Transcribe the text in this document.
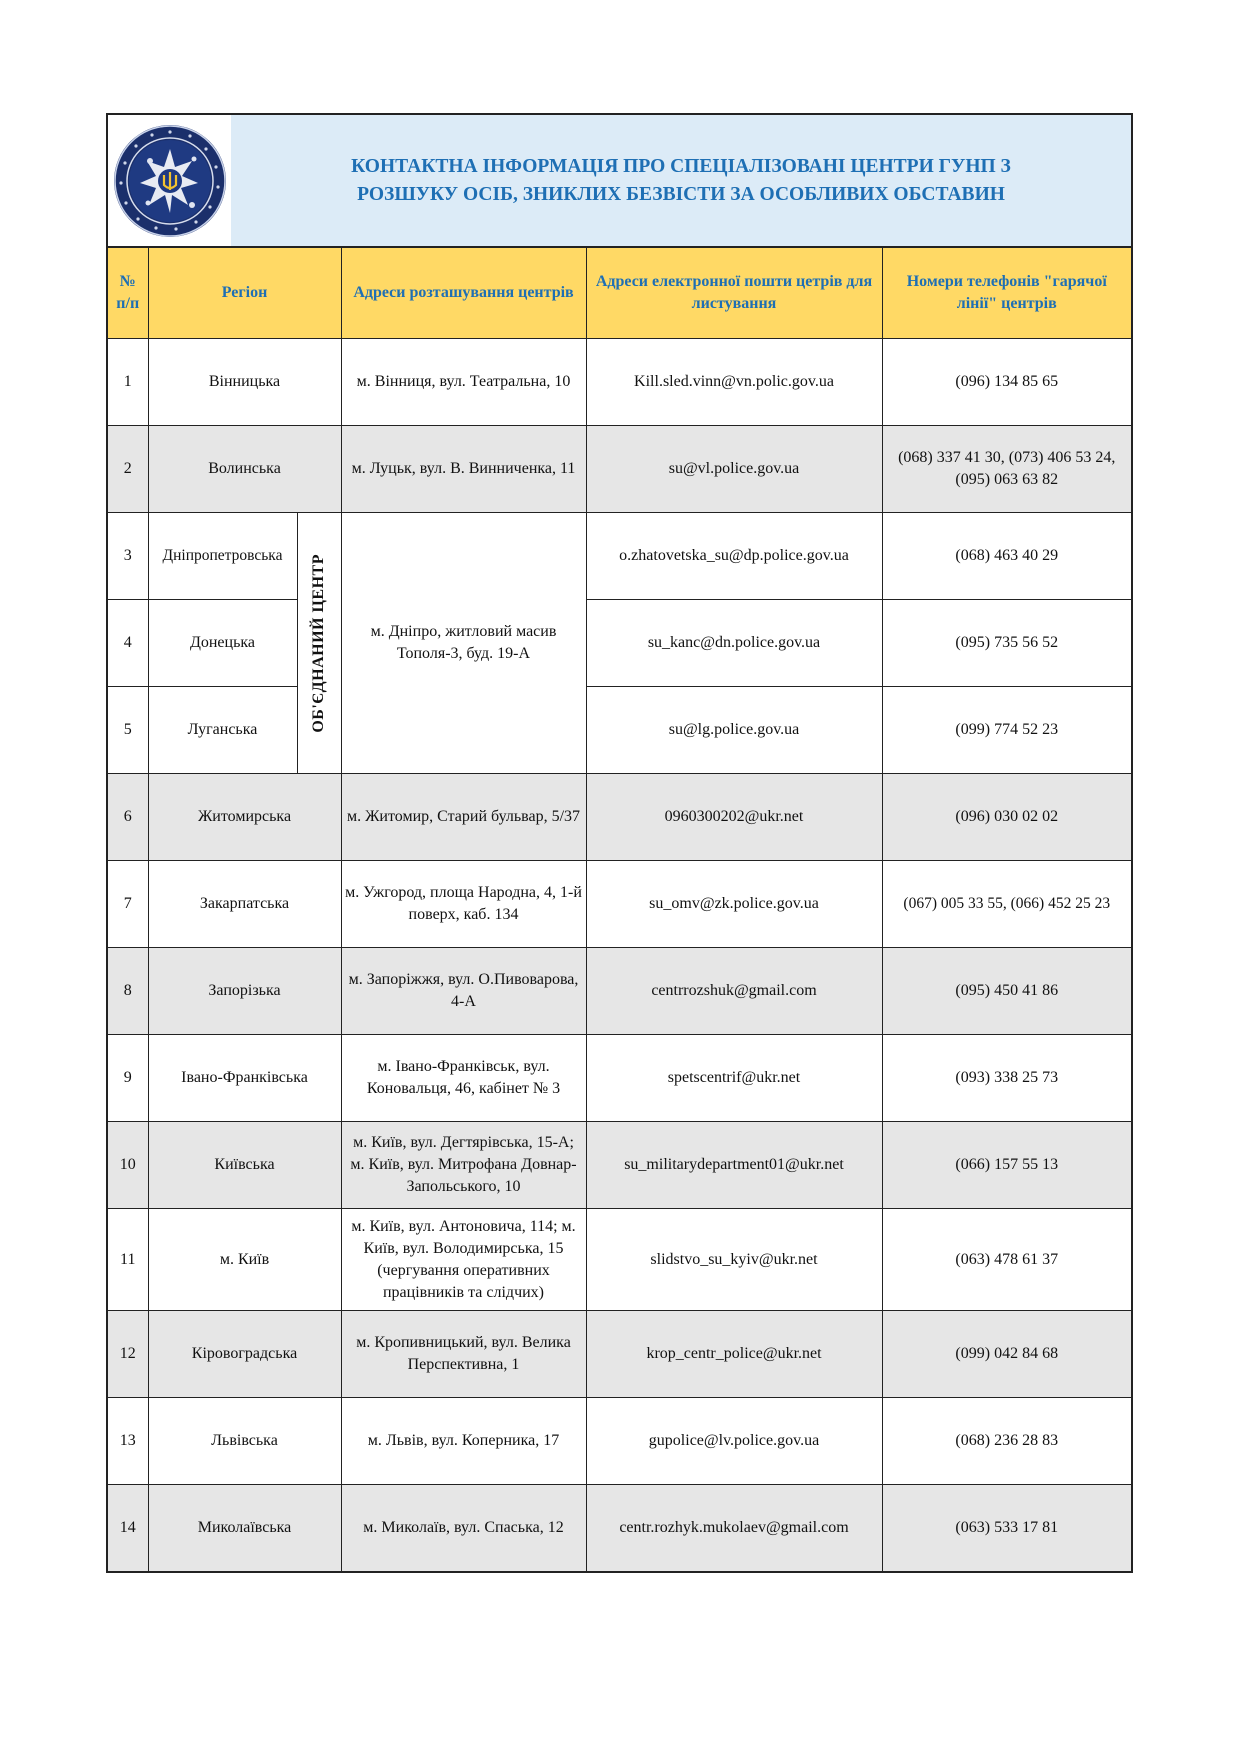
КОНТАКТНА ІНФОРМАЦІЯ ПРО СПЕЦІАЛІЗОВАНІ ЦЕНТРИ ГУНП З
РОЗШУКУ ОСІБ, ЗНИКЛИХ БЕЗВІСТИ ЗА ОСОБЛИВИХ ОБСТАВИН
№ п/п	Регіон		Адреси розташування центрів	Адреси електронної пошти цетрів для листування	Номери телефонів "гарячої лінії" центрів
1	Вінницька		м. Вінниця, вул. Театральна, 10	Kill.sled.vinn@vn.polic.gov.ua	(096) 134 85 65
2	Волинська		м. Луцьк, вул. В. Винниченка, 11	su@vl.police.gov.ua	(068) 337 41 30, (073) 406 53 24, (095) 063 63 82
3	Дніпропетровська	ОБ'ЄДНАНИЙ ЦЕНТР	м. Дніпро, житловий масив Тополя-3, буд. 19-А	o.zhatovetska_su@dp.police.gov.ua	(068) 463 40 29
4	Донецька			su_kanc@dn.police.gov.ua	(095) 735 56 52
5	Луганська			su@lg.police.gov.ua	(099) 774 52 23
6	Житомирська		м. Житомир, Старий бульвар, 5/37	0960300202@ukr.net	(096) 030 02 02
7	Закарпатська		м. Ужгород, площа Народна, 4, 1-й поверх, каб. 134	su_omv@zk.police.gov.ua	(067) 005 33 55, (066) 452 25 23
8	Запорізька		м. Запоріжжя, вул. О.Пивоварова, 4-А	centrrozshuk@gmail.com	(095) 450 41 86
9	Івано-Франківська		м. Івано-Франківськ, вул. Коновальця, 46, кабінет № 3	spetscentrif@ukr.net	(093) 338 25 73
10	Київська		м. Київ, вул. Дегтярівська, 15-А; м. Київ, вул. Митрофана Довнар-Запольського, 10	su_militarydepartment01@ukr.net	(066) 157 55 13
11	м. Київ		м. Київ, вул. Антоновича, 114; м. Київ, вул. Володимирська, 15 (чергування оперативних працівників та слідчих)	slidstvo_su_kyiv@ukr.net	(063) 478 61 37
12	Кіровоградська		м. Кропивницький, вул. Велика Перспективна, 1	krop_centr_police@ukr.net	(099) 042 84 68
13	Львівська		м. Львів, вул. Коперника, 17	gupolice@lv.police.gov.ua	(068) 236 28 83
14	Миколаївська		м. Миколаїв, вул. Спаська, 12	centr.rozhyk.mukolaev@gmail.com	(063) 533 17 81
